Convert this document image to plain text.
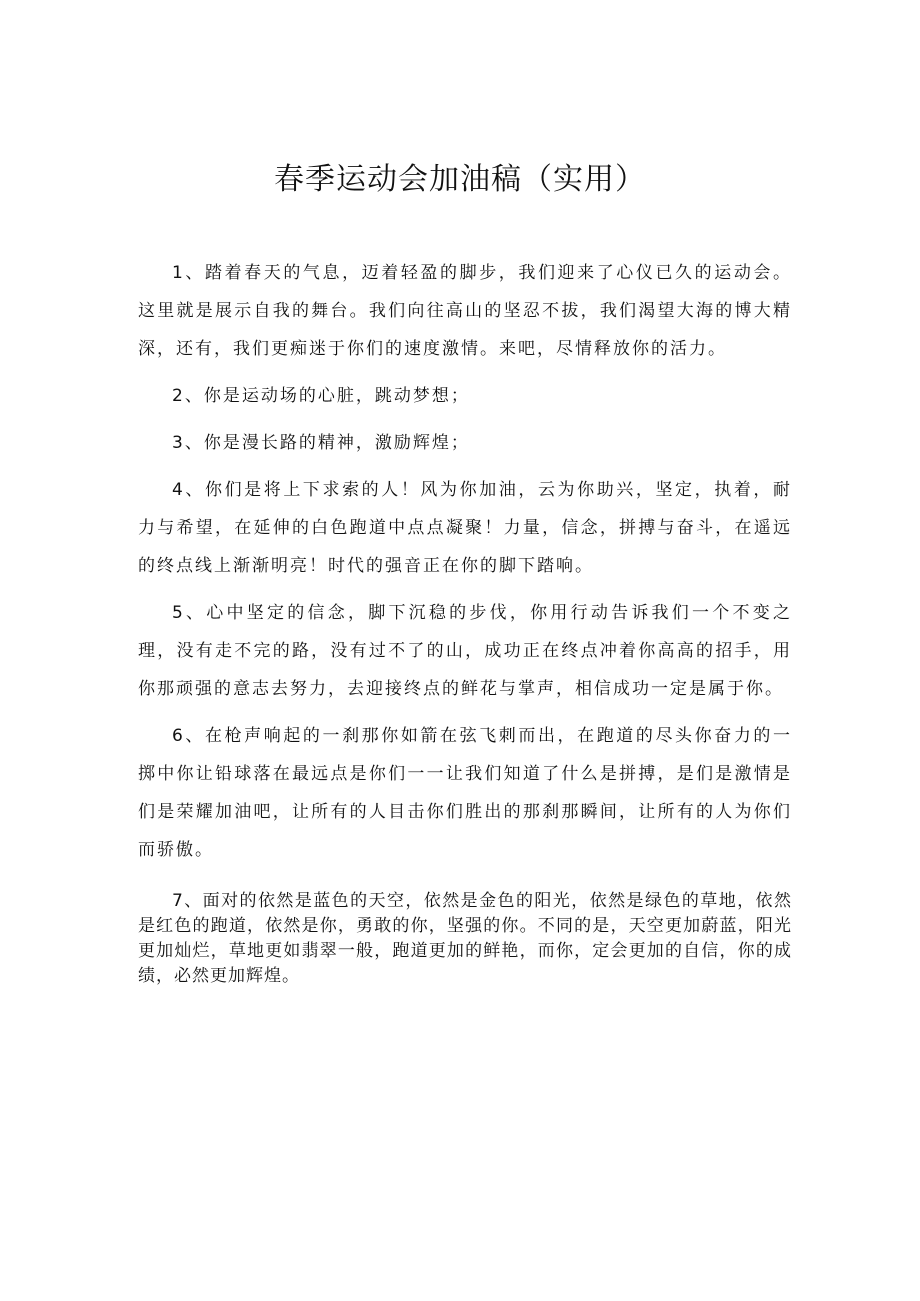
春季运动会加油稿（实用）

1、踏着春天的气息，迈着轻盈的脚步，我们迎来了心仪已久的运动会。这里就是展示自我的舞台。我们向往高山的坚忍不拔，我们渴望大海的博大精深，还有，我们更痴迷于你们的速度激情。来吧，尽情释放你的活力。

2、你是运动场的心脏，跳动梦想；

3、你是漫长路的精神，激励辉煌；

4、你们是将上下求索的人！风为你加油，云为你助兴，坚定，执着，耐力与希望，在延伸的白色跑道中点点凝聚！力量，信念，拼搏与奋斗，在遥远的终点线上渐渐明亮！时代的强音正在你的脚下踏响。

5、心中坚定的信念，脚下沉稳的步伐，你用行动告诉我们一个不变之理，没有走不完的路，没有过不了的山，成功正在终点冲着你高高的招手，用你那顽强的意志去努力，去迎接终点的鲜花与掌声，相信成功一定是属于你。

6、在枪声响起的一刹那你如箭在弦飞刺而出，在跑道的尽头你奋力的一掷中你让铅球落在最远点是你们一一让我们知道了什么是拼搏，是们是激情是们是荣耀加油吧，让所有的人目击你们胜出的那刹那瞬间，让所有的人为你们而骄傲。

7、面对的依然是蓝色的天空，依然是金色的阳光，依然是绿色的草地，依然是红色的跑道，依然是你，勇敢的你，坚强的你。不同的是，天空更加蔚蓝，阳光更加灿烂，草地更如翡翠一般，跑道更加的鲜艳，而你，定会更加的自信，你的成绩，必然更加辉煌。
